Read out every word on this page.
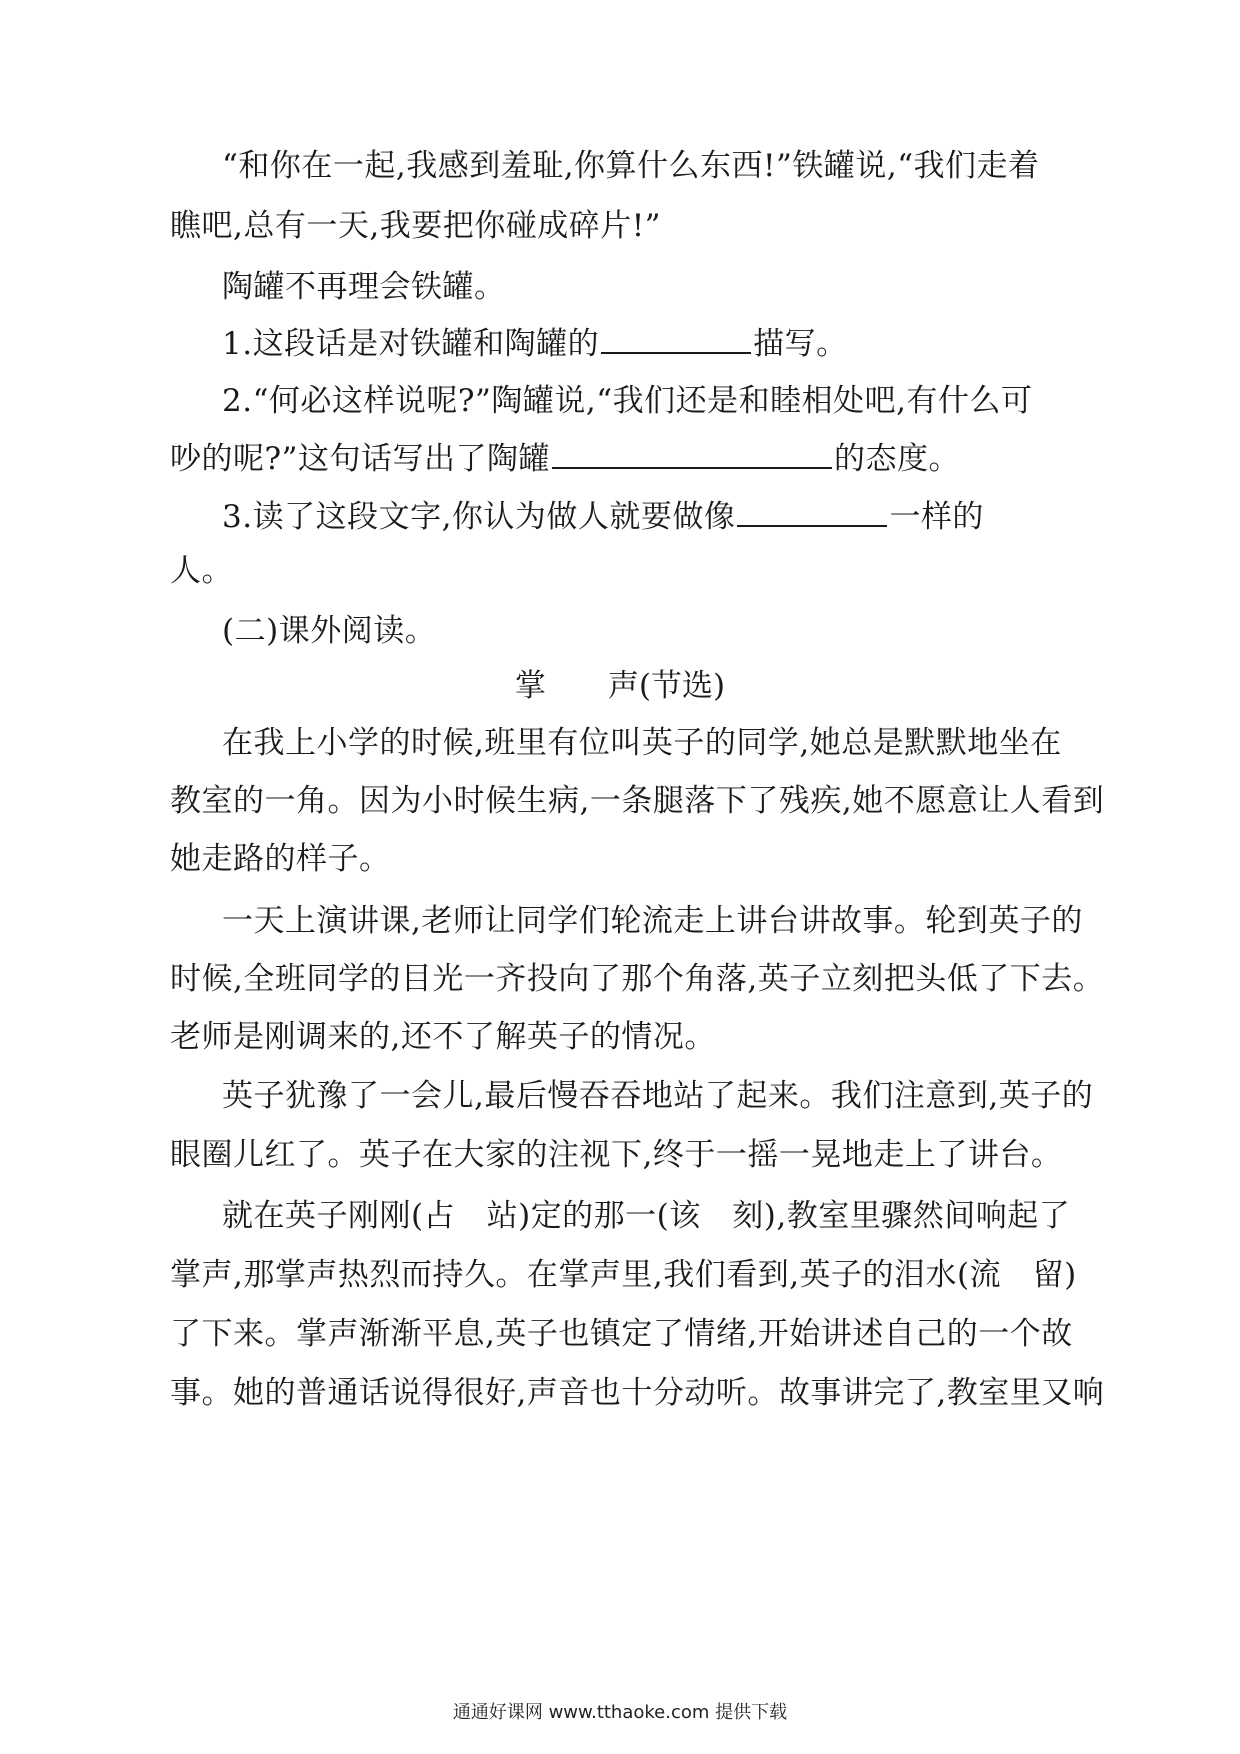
“和你在一起,我感到羞耻,你算什么东西!”铁罐说,“我们走着
瞧吧,总有一天,我要把你碰成碎片!”
陶罐不再理会铁罐。
1.这段话是对铁罐和陶罐的	描写。
2.“何必这样说呢?”陶罐说,“我们还是和睦相处吧,有什么可
吵的呢?”这句话写出了陶罐	的态度。
3.读了这段文字,你认为做人就要做像	一样的
人。
(二)课外阅读。
掌　　声(节选)
在我上小学的时候,班里有位叫英子的同学,她总是默默地坐在
教室的一角。因为小时候生病,一条腿落下了残疾,她不愿意让人看到
她走路的样子。
一天上演讲课,老师让同学们轮流走上讲台讲故事。轮到英子的
时候,全班同学的目光一齐投向了那个角落,英子立刻把头低了下去。
老师是刚调来的,还不了解英子的情况。
英子犹豫了一会儿,最后慢吞吞地站了起来。我们注意到,英子的
眼圈儿红了。英子在大家的注视下,终于一摇一晃地走上了讲台。
就在英子刚刚(占　站)定的那一(该　刻),教室里骤然间响起了
掌声,那掌声热烈而持久。在掌声里,我们看到,英子的泪水(流　留)
了下来。掌声渐渐平息,英子也镇定了情绪,开始讲述自己的一个故
事。她的普通话说得很好,声音也十分动听。故事讲完了,教室里又响
通通好课网 www.tthaoke.com 提供下载
